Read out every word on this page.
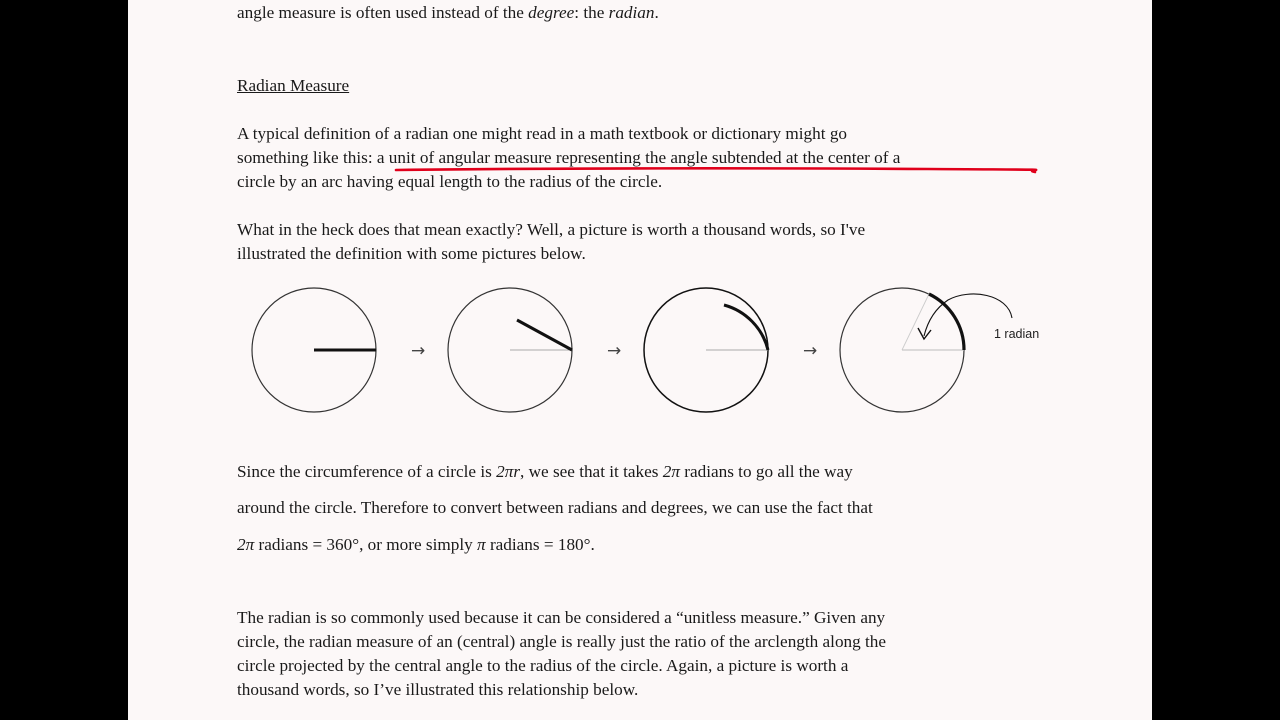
angle measure is often used instead of the degree: the radian.

Radian Measure

A typical definition of a radian one might read in a math textbook or dictionary might go

something like this: a unit of angular measure representing the angle subtended at the center of a

circle by an arc having equal length to the radius of the circle.

What in the heck does that mean exactly? Well, a picture is worth a thousand words, so I've

illustrated the definition with some pictures below.

→	→	→
1 radian

Since the circumference of a circle is 2πr, we see that it takes 2π radians to go all the way

around the circle. Therefore to convert between radians and degrees, we can use the fact that

2π radians = 360°, or more simply π radians = 180°.

The radian is so commonly used because it can be considered a “unitless measure.” Given any

circle, the radian measure of an (central) angle is really just the ratio of the arclength along the

circle projected by the central angle to the radius of the circle. Again, a picture is worth a

thousand words, so I’ve illustrated this relationship below.
